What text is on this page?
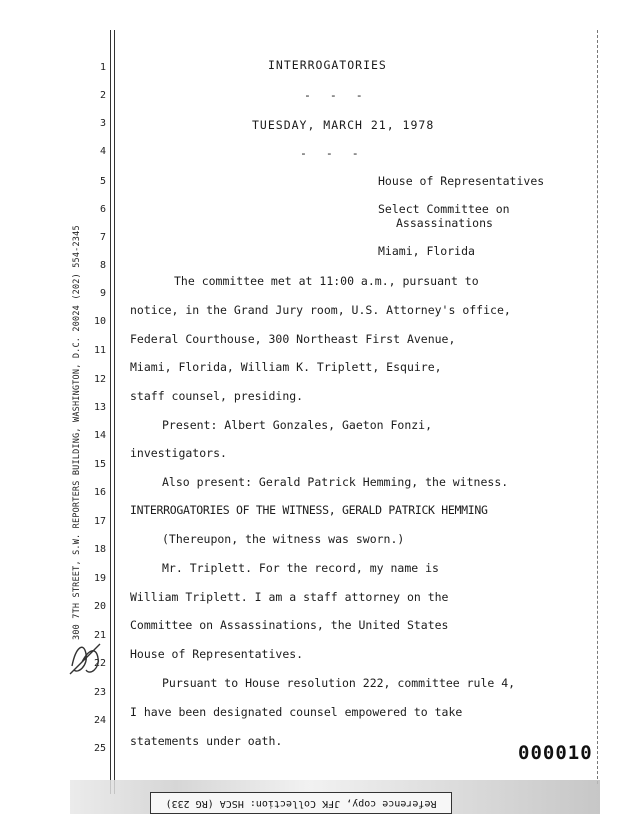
300 7TH STREET, S.W. REPORTERS BUILDING, WASHINGTON, D.C. 20024 (202) 554-2345
1
2
3
4
5
6
7
8
9
10
11
12
13
14
15
16
17
18
19
20
21
22
23
24
25
INTERROGATORIES
- - -
TUESDAY, MARCH 21, 1978
- - -
House of Representatives
Select Committee on
Assassinations
Miami, Florida
The committee met at 11:00 a.m., pursuant to
notice, in the Grand Jury room, U.S. Attorney's office,
Federal Courthouse, 300 Northeast First Avenue,
Miami, Florida, William K. Triplett, Esquire,
staff counsel, presiding.
Present: Albert Gonzales, Gaeton Fonzi,
investigators.
Also present: Gerald Patrick Hemming, the witness.
INTERROGATORIES OF THE WITNESS, GERALD PATRICK HEMMING
(Thereupon, the witness was sworn.)
Mr. Triplett. For the record, my name is
William Triplett. I am a staff attorney on the
Committee on Assassinations, the United States
House of Representatives.
Pursuant to House resolution 222, committee rule 4,
I have been designated counsel empowered to take
statements under oath.
000010
Reference copy, JFK Collection: HSCA (RG 233)
